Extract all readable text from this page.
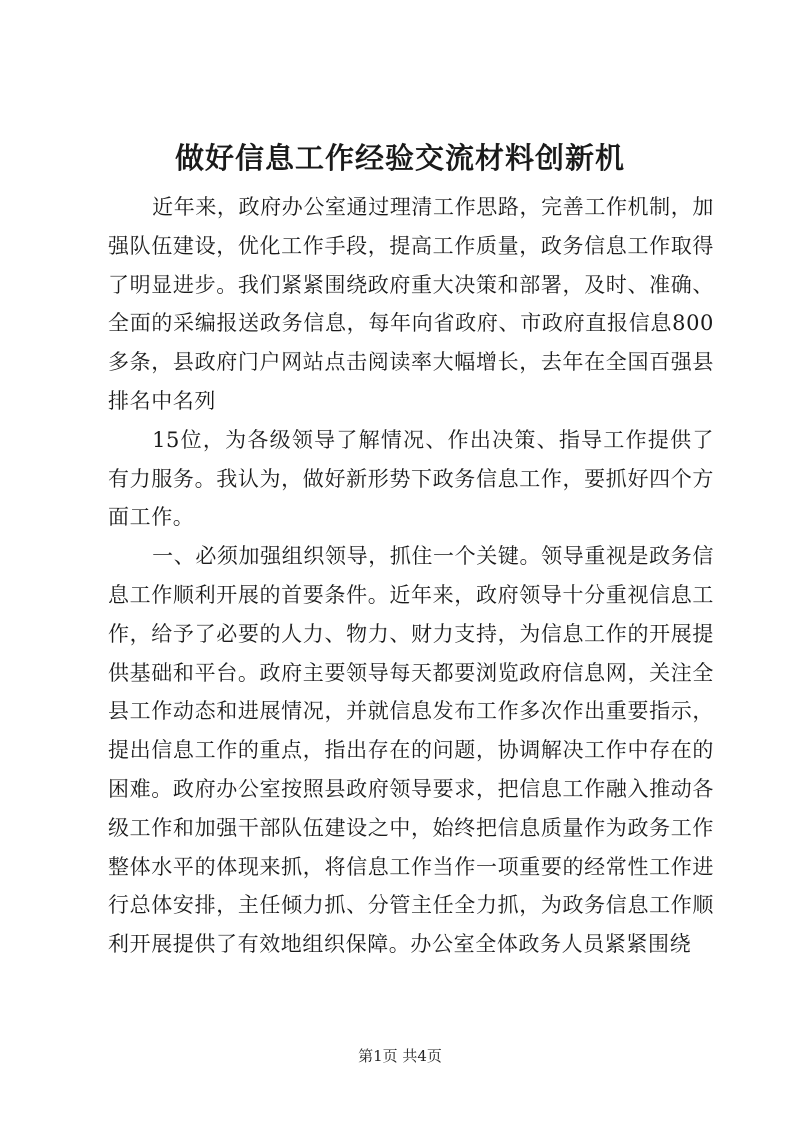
做好信息工作经验交流材料创新机

近年来，政府办公室通过理清工作思路，完善工作机制，加强队伍建设，优化工作手段，提高工作质量，政务信息工作取得了明显进步。我们紧紧围绕政府重大决策和部署，及时、准确、全面的采编报送政务信息，每年向省政府、市政府直报信息800多条，县政府门户网站点击阅读率大幅增长，去年在全国百强县排名中名列

15位，为各级领导了解情况、作出决策、指导工作提供了有力服务。我认为，做好新形势下政务信息工作，要抓好四个方面工作。

一、必须加强组织领导，抓住一个关键。领导重视是政务信息工作顺利开展的首要条件。近年来，政府领导十分重视信息工作，给予了必要的人力、物力、财力支持，为信息工作的开展提供基础和平台。政府主要领导每天都要浏览政府信息网，关注全县工作动态和进展情况，并就信息发布工作多次作出重要指示，提出信息工作的重点，指出存在的问题，协调解决工作中存在的困难。政府办公室按照县政府领导要求，把信息工作融入推动各级工作和加强干部队伍建设之中，始终把信息质量作为政务工作整体水平的体现来抓，将信息工作当作一项重要的经常性工作进行总体安排，主任倾力抓、分管主任全力抓，为政务信息工作顺利开展提供了有效地组织保障。办公室全体政务人员紧紧围绕

第1页 共4页
